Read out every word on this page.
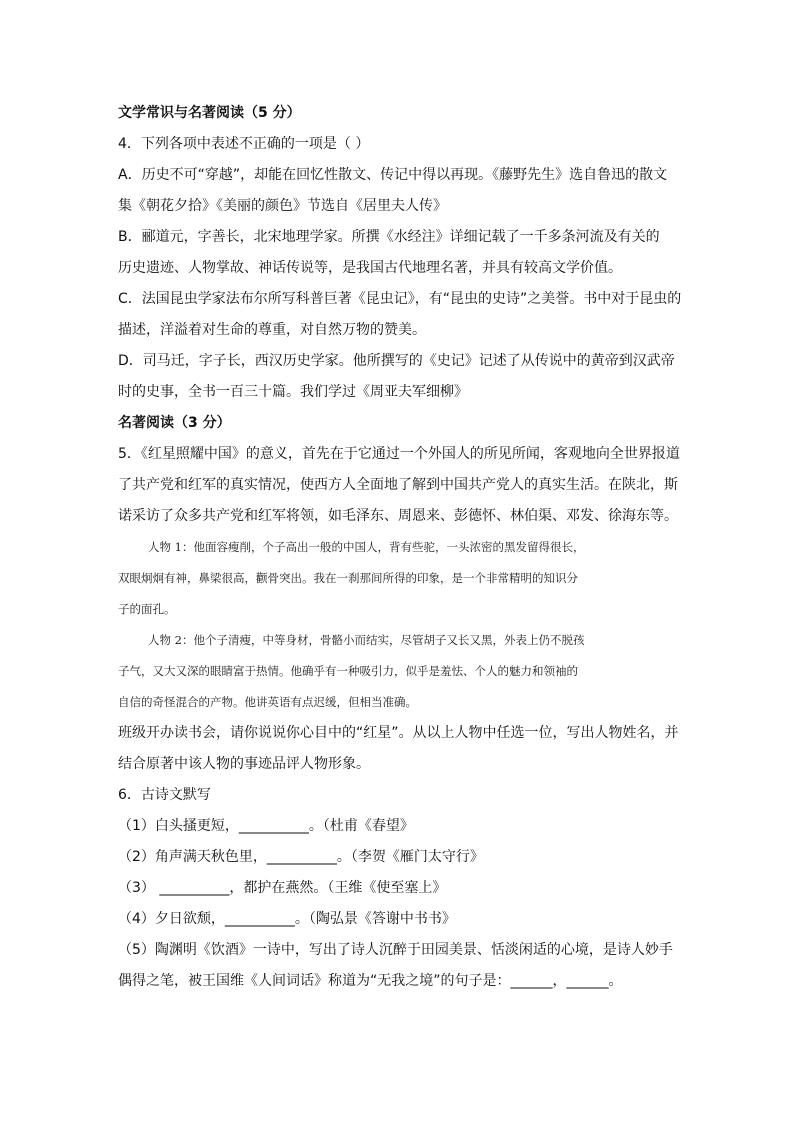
文学常识与名著阅读（5 分）
4．下列各项中表述不正确的一项是（ ）
A．历史不可“穿越”，却能在回忆性散文、传记中得以再现。《藤野先生》选自鲁迅的散文
集《朝花夕拾》《美丽的颜色》节选自《居里夫人传》
B．郦道元，字善长，北宋地理学家。所撰《水经注》详细记载了一千多条河流及有关的
历史遗迹、人物掌故、神话传说等，是我国古代地理名著，并具有较高文学价值。
C．法国昆虫学家法布尔所写科普巨著《昆虫记》，有“昆虫的史诗”之美誉。书中对于昆虫的
描述，洋溢着对生命的尊重，对自然万物的赞美。
D．司马迁，字子长，西汉历史学家。他所撰写的《史记》记述了从传说中的黄帝到汉武帝
时的史事，全书一百三十篇。我们学过《周亚夫军细柳》
名著阅读（3 分）
5．《红星照耀中国》的意义，首先在于它通过一个外国人的所见所闻，客观地向全世界报道
了共产党和红军的真实情况，使西方人全面地了解到中国共产党人的真实生活。在陕北，斯
诺采访了众多共产党和红军将领，如毛泽东、周恩来、彭德怀、林伯渠、邓发、徐海东等。
人物 1：他面容瘦削，个子高出一般的中国人，背有些驼，一头浓密的黑发留得很长，
双眼炯炯有神，鼻梁很高，颧骨突出。我在一刹那间所得的印象，是一个非常精明的知识分
子的面孔。
人物 2：他个子清瘦，中等身材，骨骼小而结实，尽管胡子又长又黑，外表上仍不脱孩
子气，又大又深的眼睛富于热情。他确乎有一种吸引力，似乎是羞怯、个人的魅力和领袖的
自信的奇怪混合的产物。他讲英语有点迟缓，但相当准确。
班级开办读书会，请你说说你心目中的“红星”。从以上人物中任选一位，写出人物姓名，并
结合原著中该人物的事迹品评人物形象。
6．古诗文默写
（1）白头搔更短，__________。（杜甫《春望》
（2）角声满天秋色里，__________。（李贺《雁门太守行》
（3） __________，都护在燕然。（王维《使至塞上》
（4）夕日欲颓，__________。（陶弘景《答谢中书书》
（5）陶渊明《饮酒》一诗中，写出了诗人沉醉于田园美景、恬淡闲适的心境，是诗人妙手
偶得之笔，被王国维《人间词话》称道为“无我之境”的句子是：______，______。
